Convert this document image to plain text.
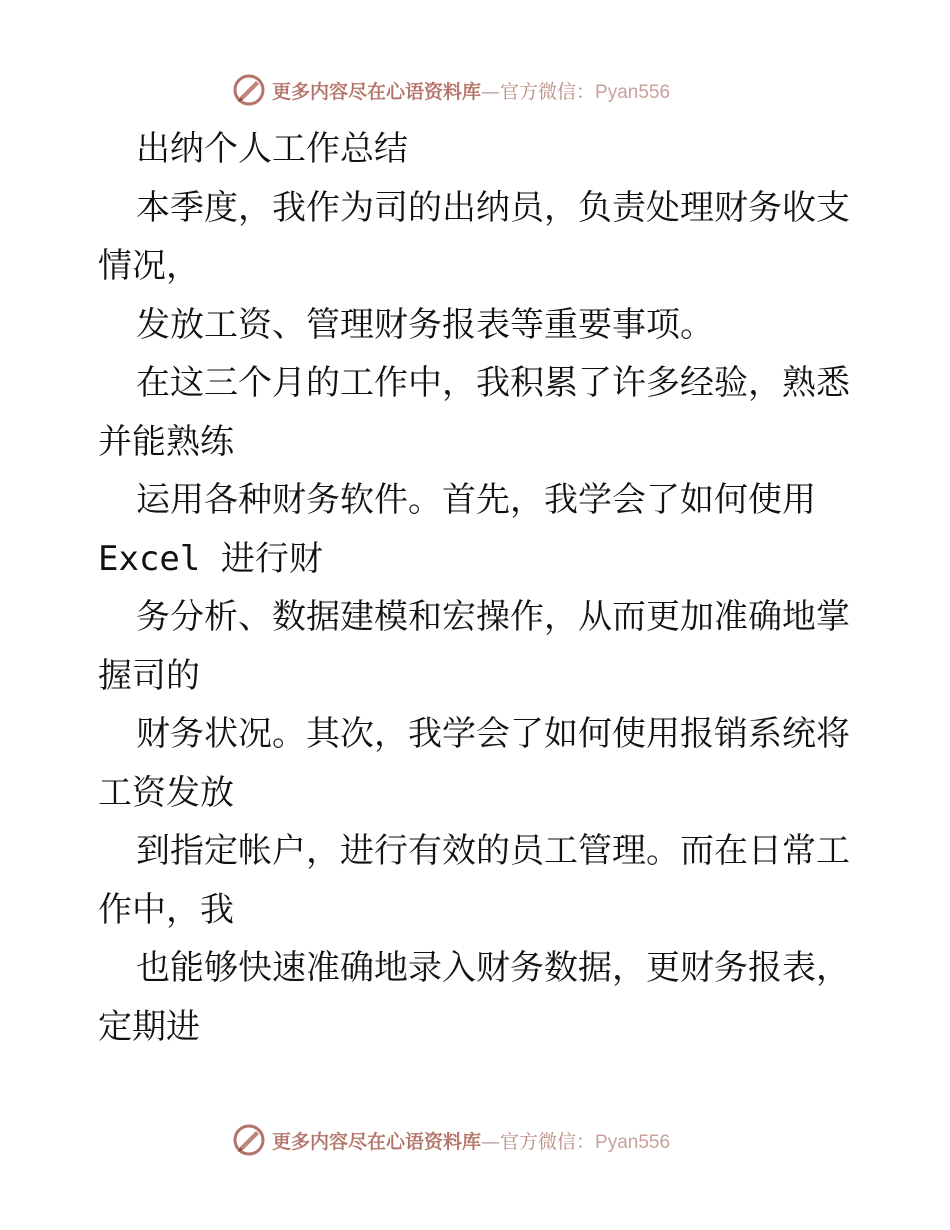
更多内容尽在心语资料库—官方微信：Pyan556
出纳个人工作总结
本季度，我作为司的出纳员，负责处理财务收支
情况，
发放工资、管理财务报表等重要事项。
在这三个月的工作中，我积累了许多经验，熟悉
并能熟练
运用各种财务软件。首先，我学会了如何使用
Excel 进行财
务分析、数据建模和宏操作，从而更加准确地掌
握司的
财务状况。其次，我学会了如何使用报销系统将
工资发放
到指定帐户，进行有效的员工管理。而在日常工
作中，我
也能够快速准确地录入财务数据，更财务报表，
定期进
更多内容尽在心语资料库—官方微信：Pyan556
